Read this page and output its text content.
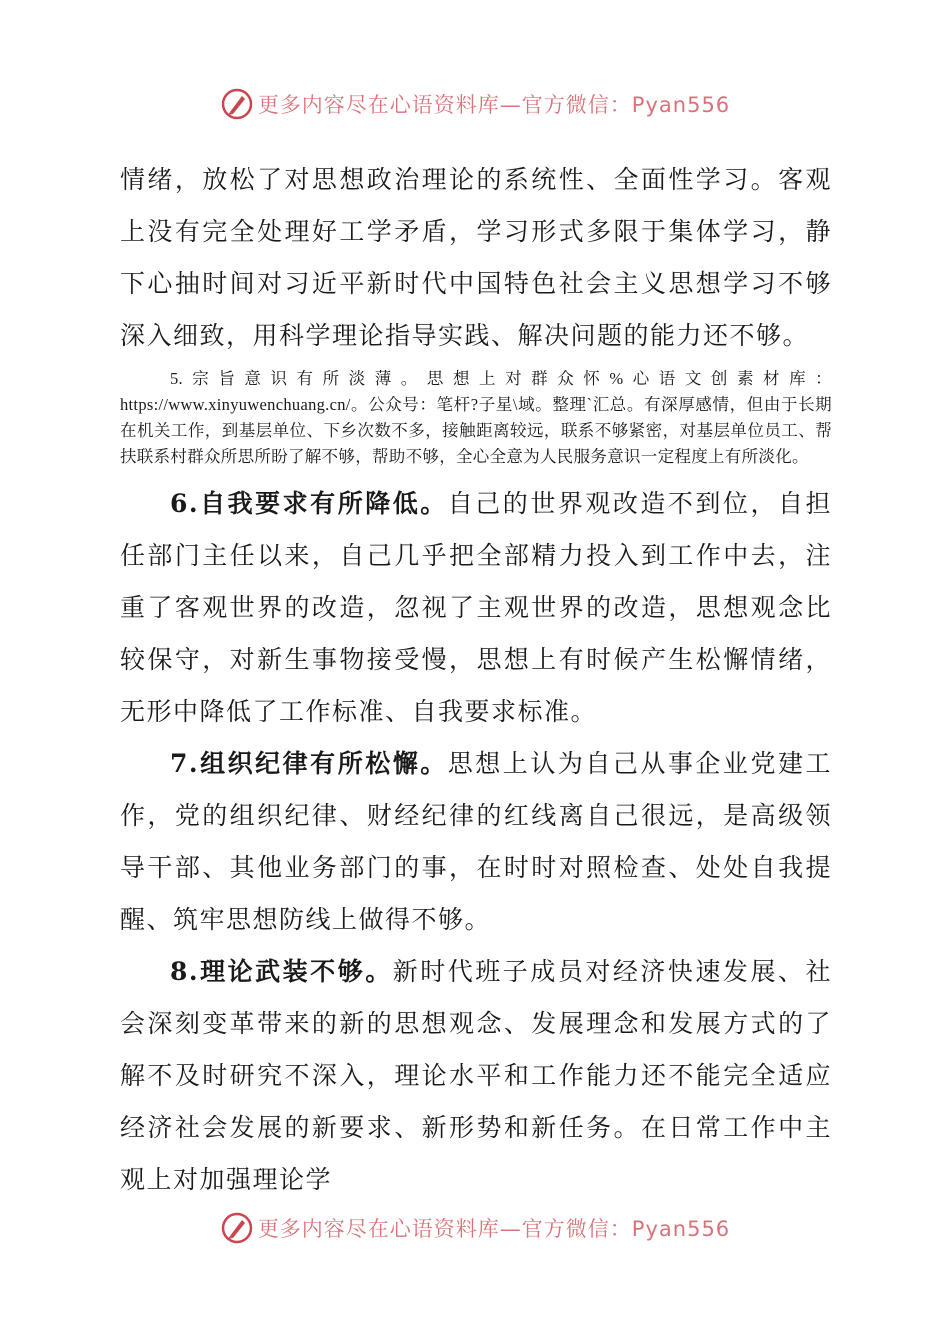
更多内容尽在心语资料库—官方微信：Pyan556

情绪，放松了对思想政治理论的系统性、全面性学习。客观上没有完全处理好工学矛盾，学习形式多限于集体学习，静下心抽时间对习近平新时代中国特色社会主义思想学习不够深入细致，用科学理论指导实践、解决问题的能力还不够。

5.宗旨意识有所淡薄。思想上对群众怀%心语文创素材库：https://www.xinyuwenchuang.cn/。公众号：笔杆?子星\域。整理`汇总。有深厚感情，但由于长期在机关工作，到基层单位、下乡次数不多，接触距离较远，联系不够紧密，对基层单位员工、帮扶联系村群众所思所盼了解不够，帮助不够，全心全意为人民服务意识一定程度上有所淡化。

6.自我要求有所降低。自己的世界观改造不到位，自担任部门主任以来，自己几乎把全部精力投入到工作中去，注重了客观世界的改造，忽视了主观世界的改造，思想观念比较保守，对新生事物接受慢，思想上有时候产生松懈情绪，无形中降低了工作标准、自我要求标准。

7.组织纪律有所松懈。思想上认为自己从事企业党建工作，党的组织纪律、财经纪律的红线离自己很远，是高级领导干部、其他业务部门的事，在时时对照检查、处处自我提醒、筑牢思想防线上做得不够。

8.理论武装不够。新时代班子成员对经济快速发展、社会深刻变革带来的新的思想观念、发展理念和发展方式的了解不及时研究不深入，理论水平和工作能力还不能完全适应经济社会发展的新要求、新形势和新任务。在日常工作中主观上对加强理论学

更多内容尽在心语资料库—官方微信：Pyan556
